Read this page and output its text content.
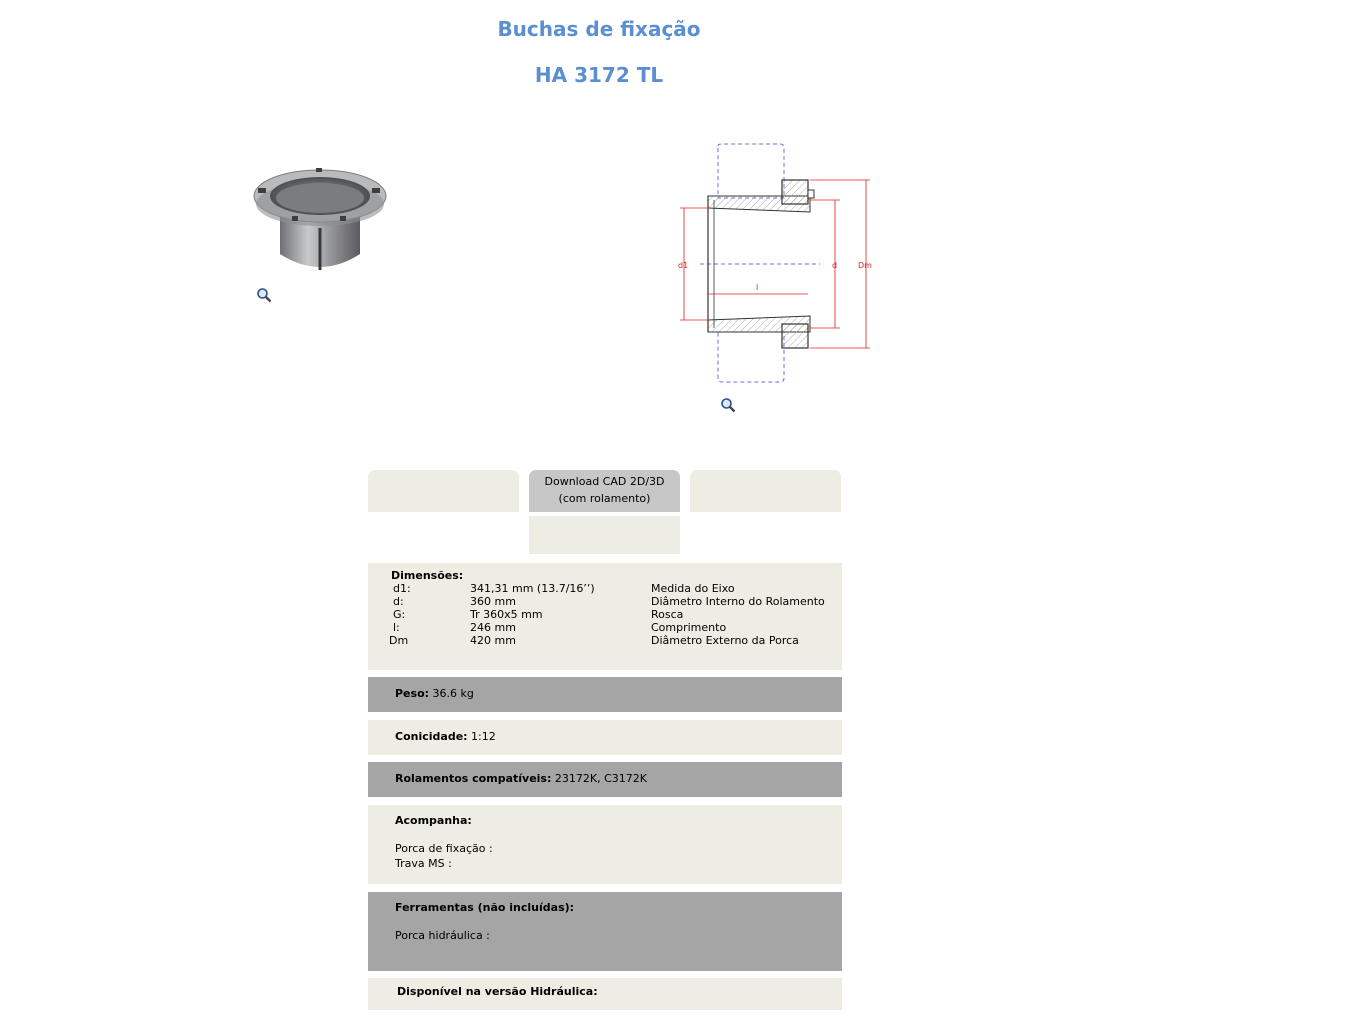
Buchas de fixação
HA 3172 TL
d1	d	Dm
l
Download CAD 2D/3D
(com rolamento)
Dimensões:
d1:	341,31 mm (13.7/16’’)	Medida do Eixo
d:	360 mm	Diâmetro Interno do Rolamento
G:	Tr 360x5 mm	Rosca
l:	246 mm	Comprimento
Dm	420 mm	Diâmetro Externo da Porca
Peso: 36.6 kg
Conicidade: 1:12
Rolamentos compatíveis: 23172K, C3172K
Acompanha:
Porca de fixação :
Trava MS :
Ferramentas (não incluídas):
Porca hidráulica :
Disponível na versão Hidráulica:
